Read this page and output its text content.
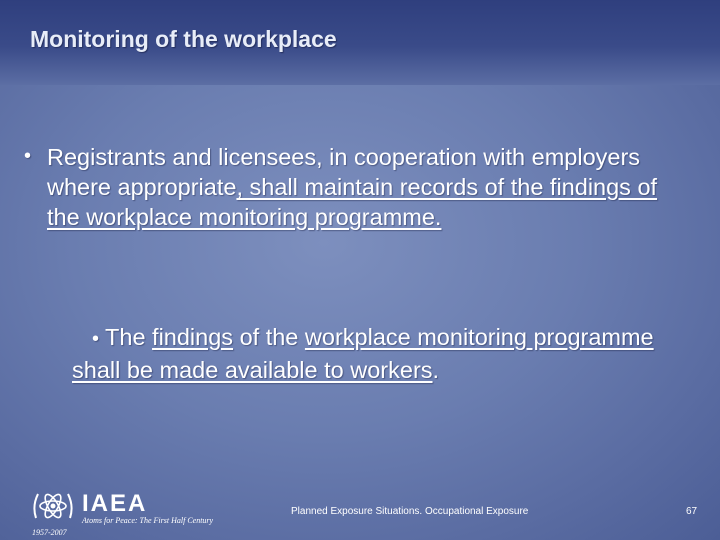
Monitoring of the workplace
• Registrants and licensees, in cooperation with employers where appropriate, shall maintain records of the findings of the workplace monitoring programme.
• The findings of the workplace monitoring programme shall be made available to workers.
IAEA
Atoms for Peace: The First Half Century
1957-2007
Planned Exposure Situations. Occupational Exposure	67
